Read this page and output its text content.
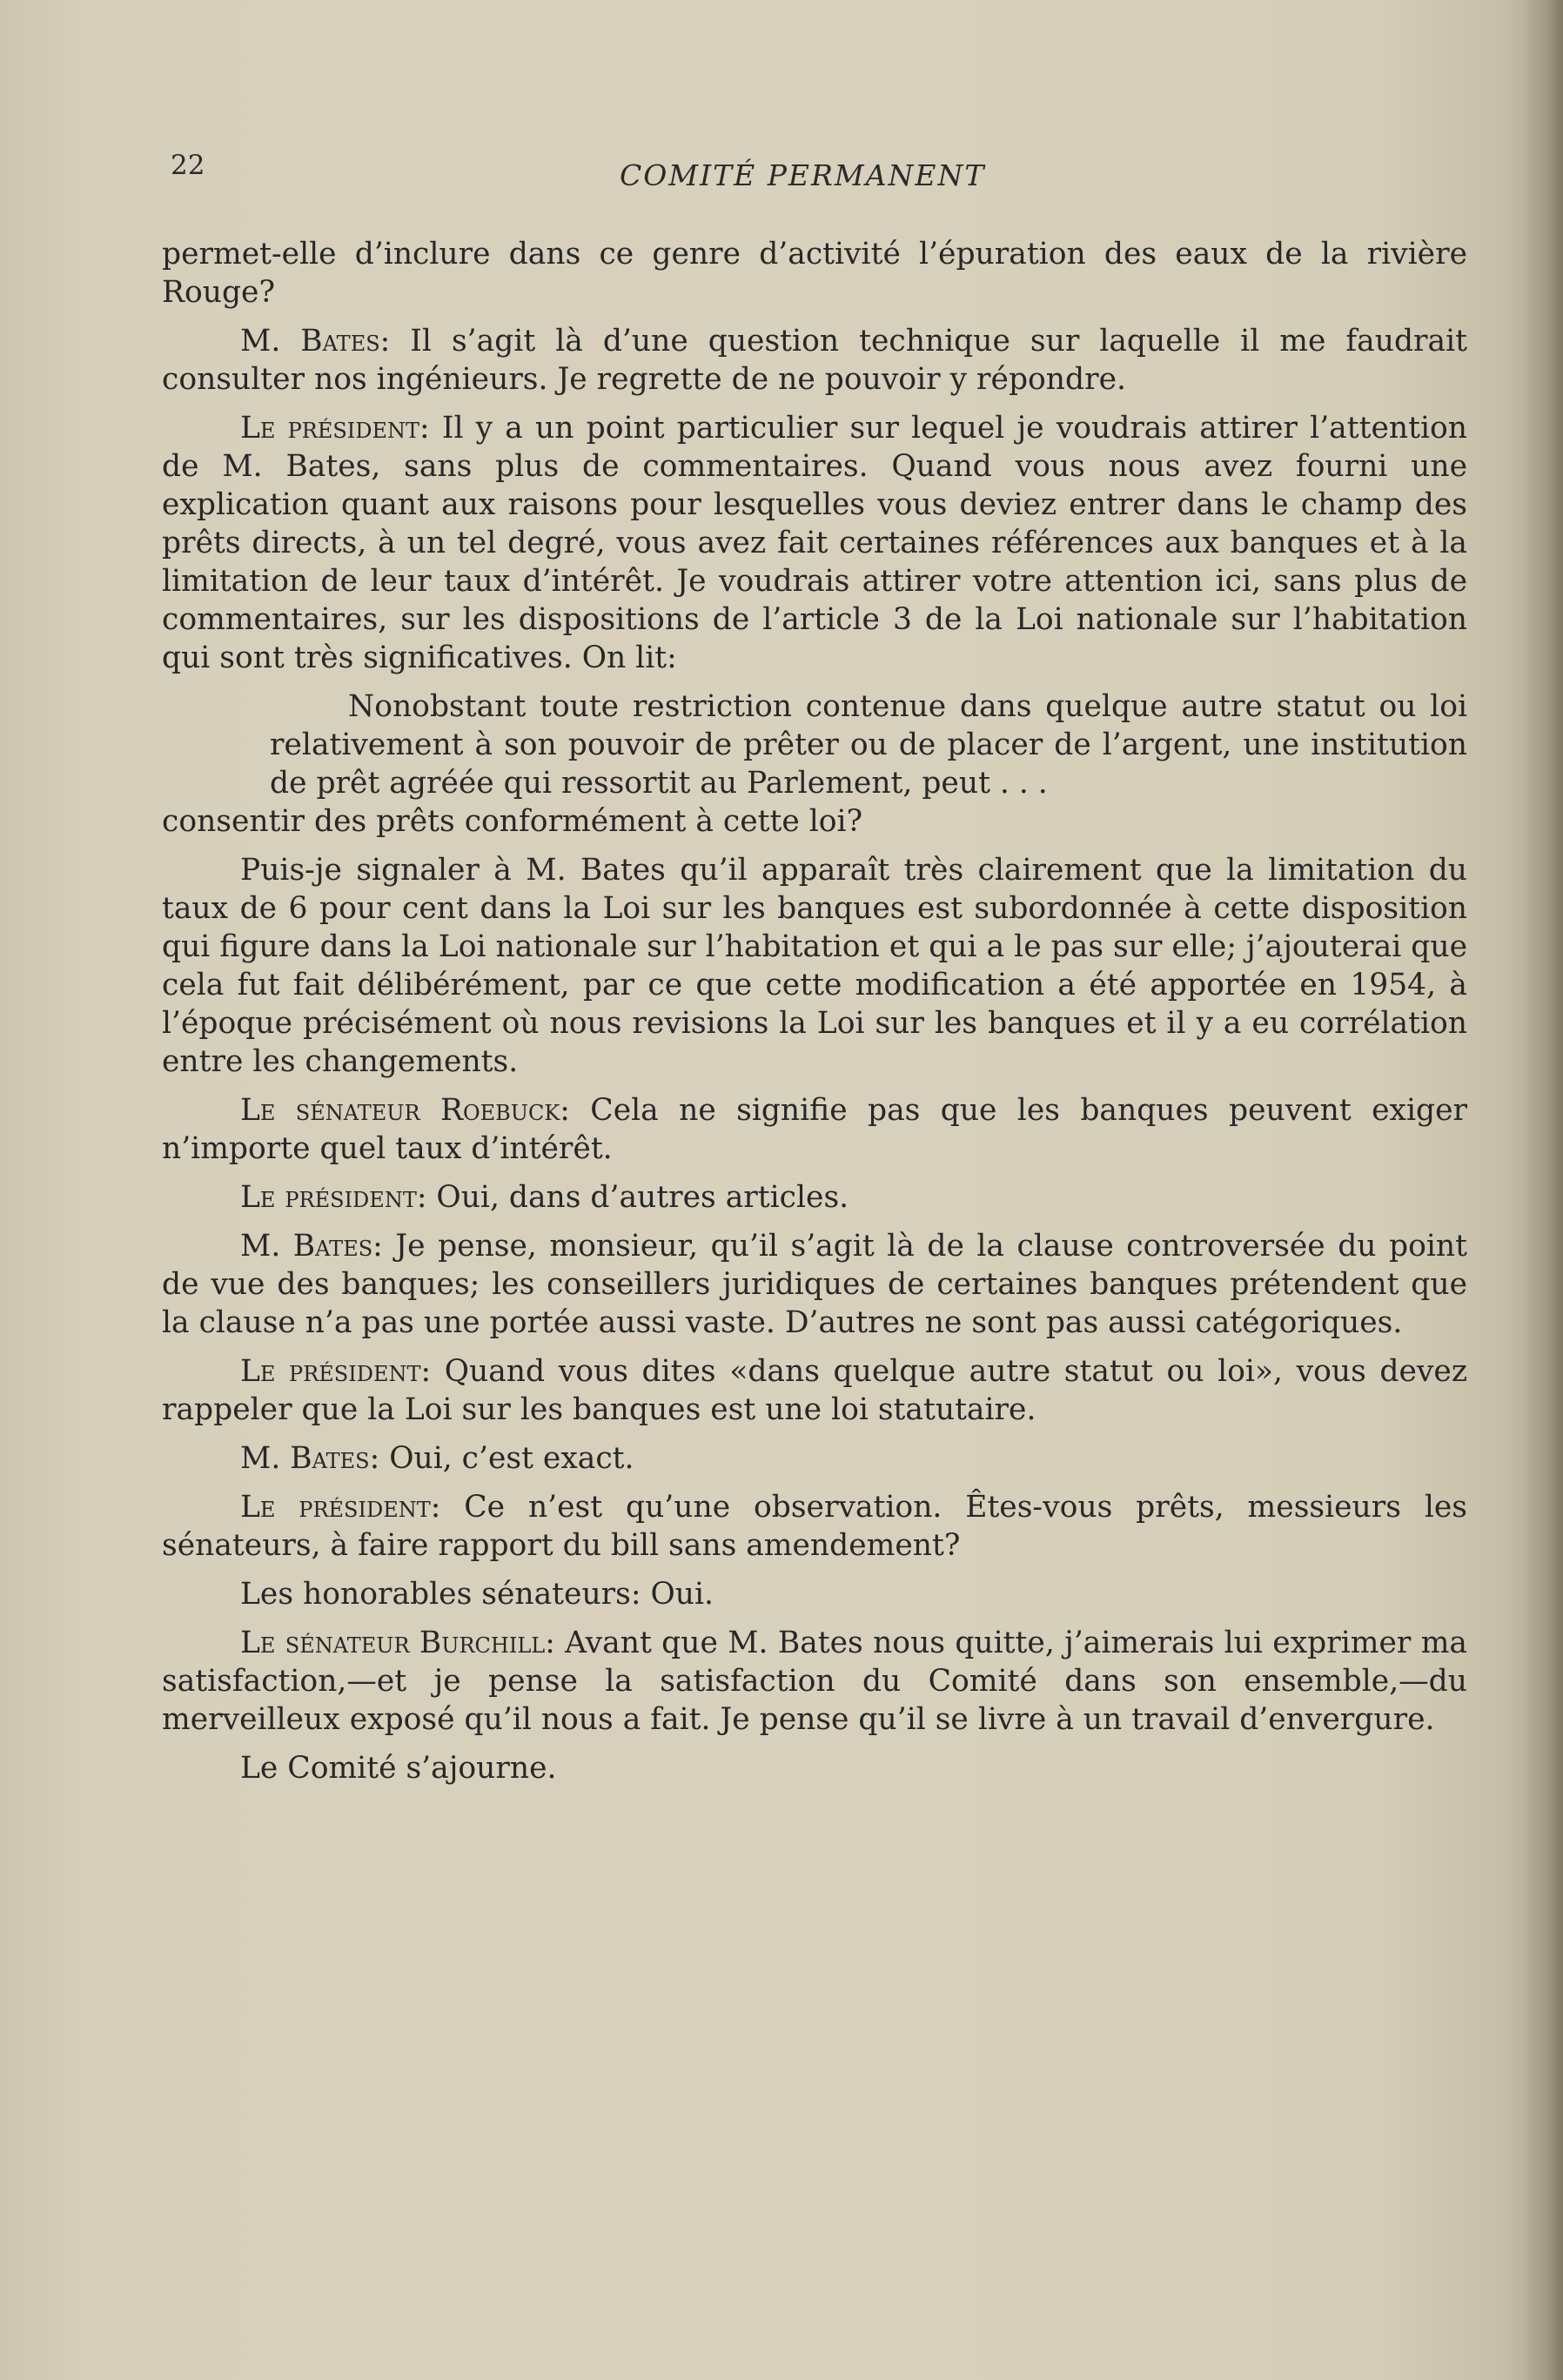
22	COMITÉ PERMANENT

permet-elle d’inclure dans ce genre d’activité l’épuration des eaux de la rivière Rouge?

M. Bates: Il s’agit là d’une question technique sur laquelle il me faudrait consulter nos ingénieurs. Je regrette de ne pouvoir y répondre.

Le président: Il y a un point particulier sur lequel je voudrais attirer l’attention de M. Bates, sans plus de commentaires. Quand vous nous avez fourni une explication quant aux raisons pour lesquelles vous deviez entrer dans le champ des prêts directs, à un tel degré, vous avez fait certaines références aux banques et à la limitation de leur taux d’intérêt. Je voudrais attirer votre attention ici, sans plus de commentaires, sur les dispositions de l’article 3 de la Loi nationale sur l’habitation qui sont très significatives. On lit:

Nonobstant toute restriction contenue dans quelque autre statut ou loi relativement à son pouvoir de prêter ou de placer de l’argent, une institution de prêt agréée qui ressortit au Parlement, peut . . .

consentir des prêts conformément à cette loi?

Puis-je signaler à M. Bates qu’il apparaît très clairement que la limitation du taux de 6 pour cent dans la Loi sur les banques est subordonnée à cette disposition qui figure dans la Loi nationale sur l’habitation et qui a le pas sur elle; j’ajouterai que cela fut fait délibérément, par ce que cette modification a été apportée en 1954, à l’époque précisément où nous revisions la Loi sur les banques et il y a eu corrélation entre les changements.

Le sénateur Roebuck: Cela ne signifie pas que les banques peuvent exiger n’importe quel taux d’intérêt.

Le président: Oui, dans d’autres articles.

M. Bates: Je pense, monsieur, qu’il s’agit là de la clause controversée du point de vue des banques; les conseillers juridiques de certaines banques prétendent que la clause n’a pas une portée aussi vaste. D’autres ne sont pas aussi catégoriques.

Le président: Quand vous dites «dans quelque autre statut ou loi», vous devez rappeler que la Loi sur les banques est une loi statutaire.

M. Bates: Oui, c’est exact.

Le président: Ce n’est qu’une observation. Êtes-vous prêts, messieurs les sénateurs, à faire rapport du bill sans amendement?

Les honorables sénateurs: Oui.

Le sénateur Burchill: Avant que M. Bates nous quitte, j’aimerais lui exprimer ma satisfaction,—et je pense la satisfaction du Comité dans son ensemble,—du merveilleux exposé qu’il nous a fait. Je pense qu’il se livre à un travail d’envergure.

Le Comité s’ajourne.
